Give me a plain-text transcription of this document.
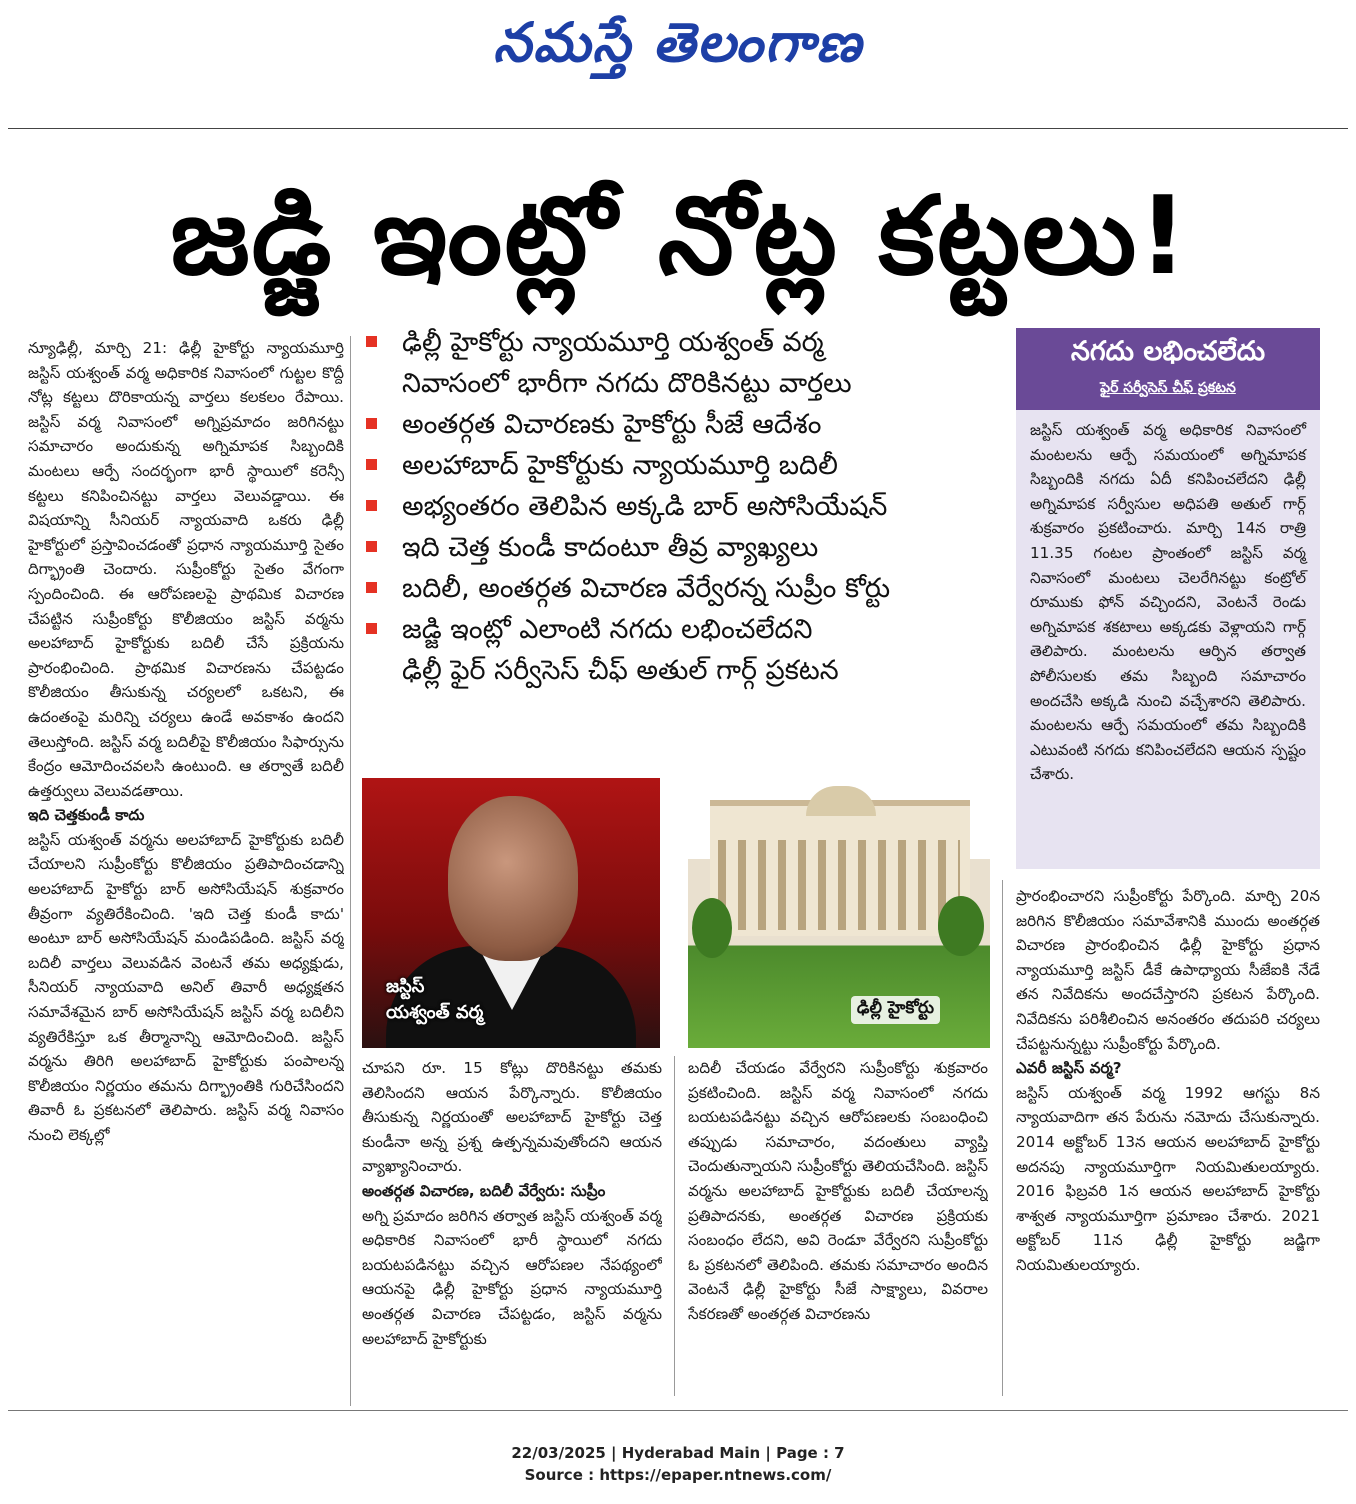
నమస్తే తెలంగాణ
జడ్జి ఇంట్లో నోట్ల కట్టలు!

న్యూఢిల్లీ, మార్చి 21: ఢిల్లీ హైకోర్టు న్యాయమూర్తి జస్టిస్ యశ్వంత్ వర్మ అధికారిక నివాసంలో గుట్టల కొద్దీ నోట్ల కట్టలు దొరికాయన్న వార్తలు కలకలం రేపాయి. జస్టిస్ వర్మ నివాసంలో అగ్నిప్రమాదం జరిగినట్టు సమాచారం అందుకున్న అగ్నిమాపక సిబ్బందికి మంటలు ఆర్పే సందర్భంగా భారీ స్థాయిలో కరెన్సీ కట్టలు కనిపించినట్టు వార్తలు వెలువడ్డాయి. ఈ విషయాన్ని సీనియర్ న్యాయవాది ఒకరు ఢిల్లీ హైకోర్టులో ప్రస్తావించడంతో ప్రధాన న్యాయమూర్తి సైతం దిగ్భ్రాంతి చెందారు. సుప్రీంకోర్టు సైతం వేగంగా స్పందించింది. ఈ ఆరోపణలపై ప్రాథమిక విచారణ చేపట్టిన సుప్రీంకోర్టు కొలీజియం జస్టిస్ వర్మను అలహాబాద్ హైకోర్టుకు బదిలీ చేసే ప్రక్రియను ప్రారంభించింది. ప్రాథమిక విచారణను చేపట్టడం కొలీజియం తీసుకున్న చర్యలలో ఒకటని, ఈ ఉదంతంపై మరిన్ని చర్యలు ఉండే అవకాశం ఉందని తెలుస్తోంది. జస్టిస్ వర్మ బదిలీపై కొలీజియం సిఫార్సును కేంద్రం ఆమోదించవలసి ఉంటుంది. ఆ తర్వాతే బదిలీ ఉత్తర్వులు వెలువడతాయి.

ఇది చెత్తకుండీ కాదు

జస్టిస్ యశ్వంత్ వర్మను అలహాబాద్ హైకోర్టుకు బదిలీ చేయాలని సుప్రీంకోర్టు కొలీజియం ప్రతిపాదించడాన్ని అలహాబాద్ హైకోర్టు బార్ అసోసియేషన్ శుక్రవారం తీవ్రంగా వ్యతిరేకించింది. 'ఇది చెత్త కుండీ కాదు' అంటూ బార్ అసోసియేషన్ మండిపడింది. జస్టిస్ వర్మ బదిలీ వార్తలు వెలువడిన వెంటనే తమ అధ్యక్షుడు, సీనియర్ న్యాయవాది అనిల్ తివారీ అధ్యక్షతన సమావేశమైన బార్ అసోసియేషన్ జస్టిస్ వర్మ బదిలీని వ్యతిరేకిస్తూ ఒక తీర్మానాన్ని ఆమోదించింది. జస్టిస్ వర్మను తిరిగి అలహాబాద్ హైకోర్టుకు పంపాలన్న కొలీజియం నిర్ణయం తమను దిగ్భ్రాంతికి గురిచేసిందని తివారీ ఓ ప్రకటనలో తెలిపారు. జస్టిస్ వర్మ నివాసం నుంచి లెక్కల్లో

ఢిల్లీ హైకోర్టు న్యాయమూర్తి యశ్వంత్ వర్మ
నివాసంలో భారీగా నగదు దొరికినట్టు వార్తలు
అంతర్గత విచారణకు హైకోర్టు సీజే ఆదేశం
అలహాబాద్ హైకోర్టుకు న్యాయమూర్తి బదిలీ
అభ్యంతరం తెలిపిన అక్కడి బార్ అసోసియేషన్
ఇది చెత్త కుండీ కాదంటూ తీవ్ర వ్యాఖ్యలు
బదిలీ, అంతర్గత విచారణ వేర్వేరన్న సుప్రీం కోర్టు
జడ్జి ఇంట్లో ఎలాంటి నగదు లభించలేదని
ఢిల్లీ ఫైర్ సర్వీసెస్ చీఫ్ అతుల్ గార్గ్ ప్రకటన
నగదు లభించలేదు
ఫైర్ సర్వీసెస్ చీఫ్ ప్రకటన

జస్టిస్ యశ్వంత్ వర్మ అధికారిక నివాసంలో మంటలను ఆర్పే సమయంలో అగ్నిమాపక సిబ్బందికి నగదు ఏదీ కనిపించలేదని ఢిల్లీ అగ్నిమాపక సర్వీసుల అధిపతి అతుల్ గార్గ్ శుక్రవారం ప్రకటించారు. మార్చి 14న రాత్రి 11.35 గంటల ప్రాంతంలో జస్టిస్ వర్మ నివాసంలో మంటలు చెలరేగినట్టు కంట్రోల్ రూముకు ఫోన్ వచ్చిందని, వెంటనే రెండు అగ్నిమాపక శకటాలు అక్కడకు వెళ్లాయని గార్గ్ తెలిపారు. మంటలను ఆర్పిన తర్వాత పోలీసులకు తమ సిబ్బంది సమాచారం అందచేసి అక్కడి నుంచి వచ్చేశారని తెలిపారు. మంటలను ఆర్పే సమయంలో తమ సిబ్బందికి ఎటువంటి నగదు కనిపించలేదని ఆయన స్పష్టం చేశారు.

జస్టిస్
యశ్వంత్ వర్మ	ఢిల్లీ హైకోర్టు

చూపని రూ. 15 కోట్లు దొరికినట్టు తమకు తెలిసిందని ఆయన పేర్కొన్నారు. కొలీజియం తీసుకున్న నిర్ణయంతో అలహాబాద్ హైకోర్టు చెత్త కుండీనా అన్న ప్రశ్న ఉత్పన్నమవుతోందని ఆయన వ్యాఖ్యానించారు.

అంతర్గత విచారణ, బదిలీ వేర్వేరు: సుప్రీం

అగ్ని ప్రమాదం జరిగిన తర్వాత జస్టిస్ యశ్వంత్ వర్మ అధికారిక నివాసంలో భారీ స్థాయిలో నగదు బయటపడినట్టు వచ్చిన ఆరోపణల నేపథ్యంలో ఆయనపై ఢిల్లీ హైకోర్టు ప్రధాన న్యాయమూర్తి అంతర్గత విచారణ చేపట్టడం, జస్టిస్ వర్మను అలహాబాద్ హైకోర్టుకు

బదిలీ చేయడం వేర్వేరని సుప్రీంకోర్టు శుక్రవారం ప్రకటించింది. జస్టిస్ వర్మ నివాసంలో నగదు బయటపడినట్టు వచ్చిన ఆరోపణలకు సంబంధించి తప్పుడు సమాచారం, వదంతులు వ్యాప్తి చెందుతున్నాయని సుప్రీంకోర్టు తెలియచేసింది. జస్టిస్ వర్మను అలహాబాద్ హైకోర్టుకు బదిలీ చేయాలన్న ప్రతిపాదనకు, అంతర్గత విచారణ ప్రక్రియకు సంబంధం లేదని, అవి రెండూ వేర్వేరని సుప్రీంకోర్టు ఓ ప్రకటనలో తెలిపింది. తమకు సమాచారం అందిన వెంటనే ఢిల్లీ హైకోర్టు సీజే సాక్ష్యాలు, వివరాల సేకరణతో అంతర్గత విచారణను

ప్రారంభించారని సుప్రీంకోర్టు పేర్కొంది. మార్చి 20న జరిగిన కొలీజియం సమావేశానికి ముందు అంతర్గత విచారణ ప్రారంభించిన ఢిల్లీ హైకోర్టు ప్రధాన న్యాయమూర్తి జస్టిస్ డీకే ఉపాధ్యాయ సీజేఐకి నేడే తన నివేదికను అందచేస్తారని ప్రకటన పేర్కొంది. నివేదికను పరిశీలించిన అనంతరం తదుపరి చర్యలు చేపట్టనున్నట్టు సుప్రీంకోర్టు పేర్కొంది.

ఎవరీ జస్టిస్ వర్మ?

జస్టిస్ యశ్వంత్ వర్మ 1992 ఆగస్టు 8న న్యాయవాదిగా తన పేరును నమోదు చేసుకున్నారు. 2014 అక్టోబర్ 13న ఆయన అలహాబాద్ హైకోర్టు అదనపు న్యాయమూర్తిగా నియమితులయ్యారు. 2016 ఫిబ్రవరి 1న ఆయన అలహాబాద్ హైకోర్టు శాశ్వత న్యాయమూర్తిగా ప్రమాణం చేశారు. 2021 అక్టోబర్ 11న ఢిల్లీ హైకోర్టు జడ్జిగా నియమితులయ్యారు.

22/03/2025 | Hyderabad Main | Page : 7
Source : https://epaper.ntnews.com/
